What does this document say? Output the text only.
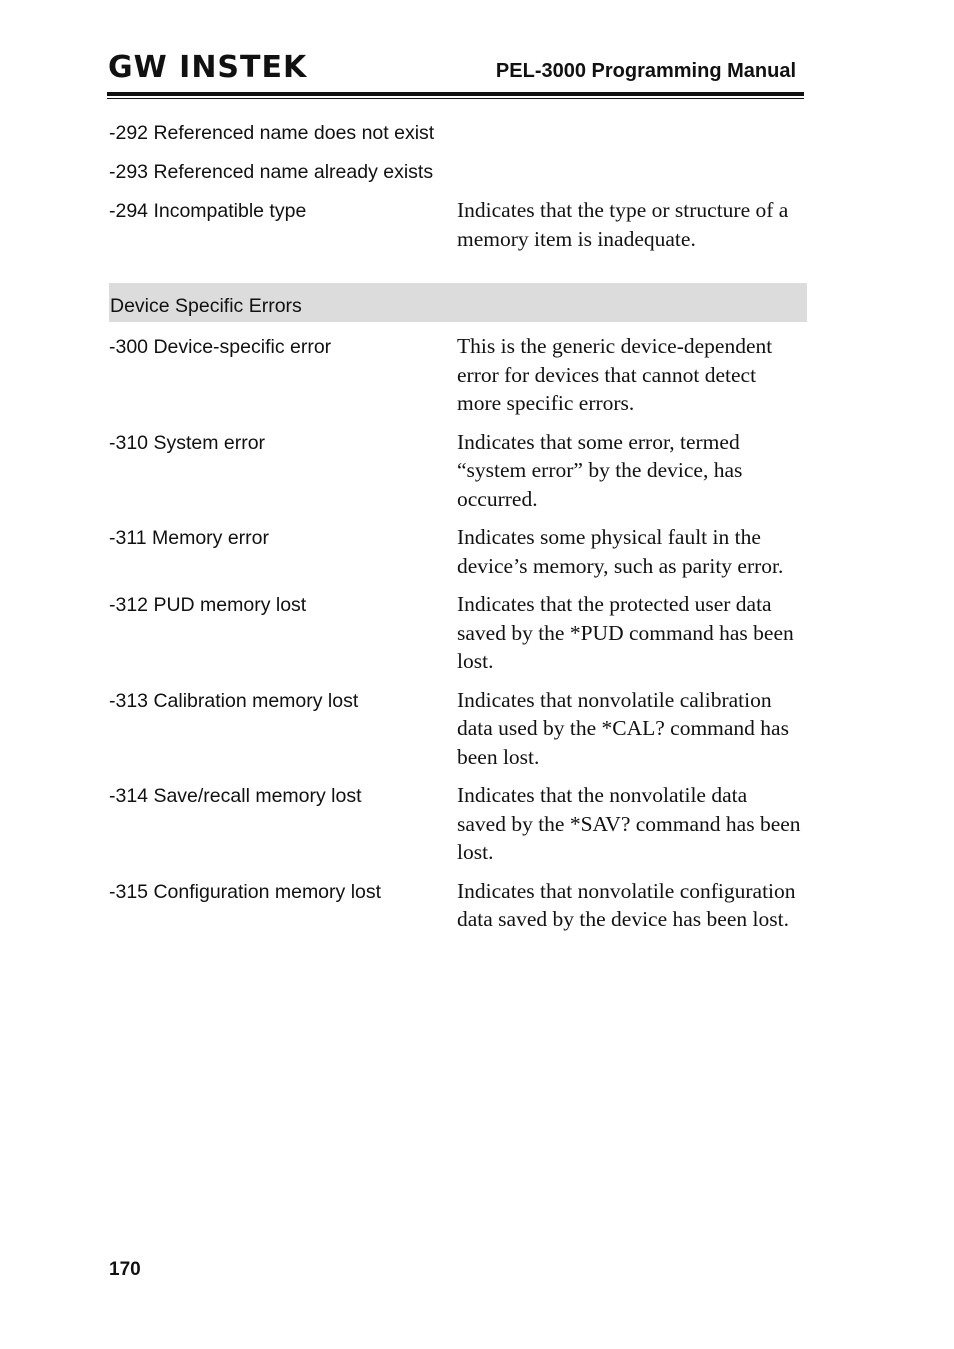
GW INSTEK	PEL-3000 Programming Manual
-292 Referenced name does not exist
-293 Referenced name already exists
-294 Incompatible type	Indicates that the type or structure of a memory item is inadequate.
Device Specific Errors
-300 Device-specific error	This is the generic device-dependent error for devices that cannot detect more specific errors.
-310 System error	Indicates that some error, termed “system error” by the device, has occurred.
-311 Memory error	Indicates some physical fault in the device’s memory, such as parity error.
-312 PUD memory lost	Indicates that the protected user data saved by the *PUD command has been lost.
-313 Calibration memory lost	Indicates that nonvolatile calibration data used by the *CAL? command has been lost.
-314 Save/recall memory lost	Indicates that the nonvolatile data saved by the *SAV? command has been lost.
-315 Configuration memory lost	Indicates that nonvolatile configuration data saved by the device has been lost.
170
